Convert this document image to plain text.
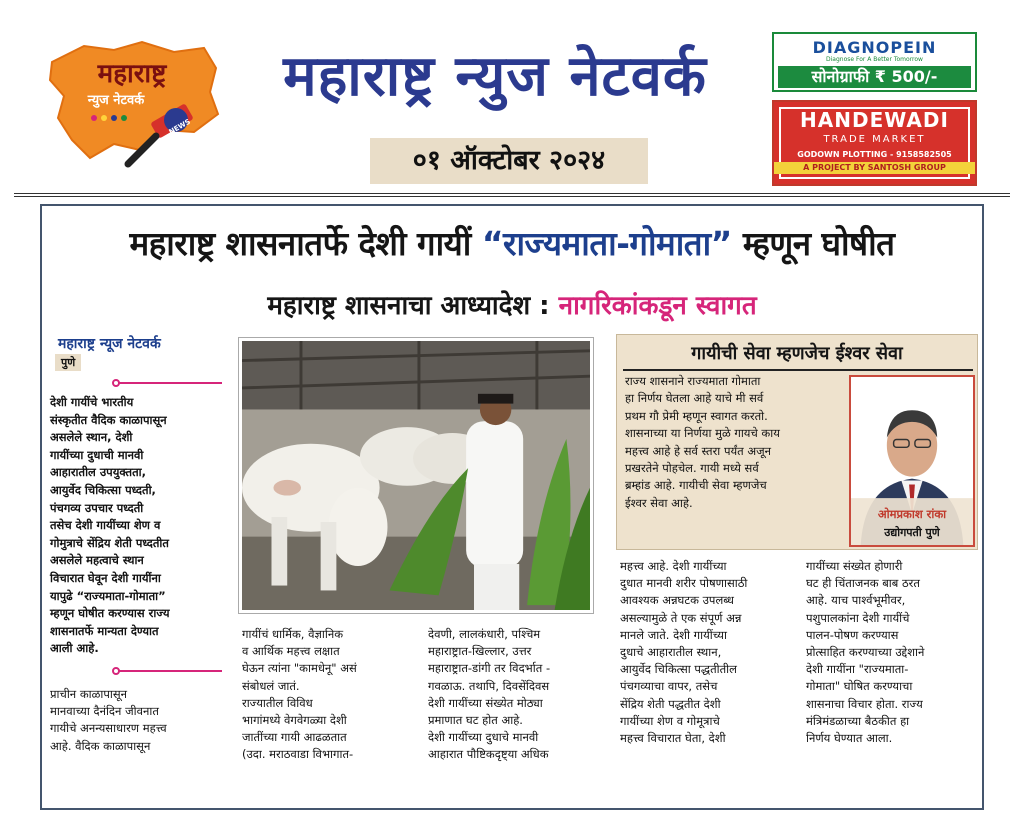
महाराष्ट्र
न्युज नेटवर्क
NEWS
महाराष्ट्र न्युज नेटवर्क
०१ ऑक्टोबर २०२४
DIAGNOPEIN
Diagnose For A Better Tomorrow
सोनोग्राफी ₹ 500/-
HANDEWADI
TRADE MARKET
GODOWN PLOTTING - 9158582505
A PROJECT BY SANTOSH GROUP
महाराष्ट्र शासनातर्फे देशी गायीं “राज्यमाता-गोमाता” म्हणून घोषीत
महाराष्ट्र शासनाचा आध्यादेश : नागरिकांकडून स्वागत
महाराष्ट्र न्यूज नेटवर्क
पुणे
देशी गायींचे भारतीय
संस्कृतीत वैदिक काळापासून
असलेले स्थान, देशी
गायींच्या दुधाची मानवी
आहारातील उपयुक्तता,
आयुर्वेद चिकित्सा पध्दती,
पंचगव्य उपचार पध्दती
तसेच देशी गायींच्या शेण व
गोमुत्राचे सेंद्रिय शेती पध्दतीत
असलेले महत्वाचे स्थान
विचारात घेवून देशी गायींना
यापुढे “राज्यमाता-गोमाता”
म्हणून घोषीत करण्यास राज्य
शासनातर्फे मान्यता देण्यात
आली आहे.
प्राचीन काळापासून
मानवाच्या दैनंदिन जीवनात
गायीचे अनन्यसाधारण महत्त्व
आहे. वैदिक काळापासून
गायींचं धार्मिक, वैज्ञानिक
व आर्थिक महत्त्व लक्षात
घेऊन त्यांना "कामधेनू" असं
संबोधलं जातं.
राज्यातील विविध
भागांमध्ये वेगवेगळ्या देशी
जातींच्या गायी आढळतात
(उदा. मराठवाडा विभागात-
देवणी, लालकंधारी, पश्चिम
महाराष्ट्रात-खिल्लार, उत्तर
महाराष्ट्रात-डांगी तर विदर्भात -
गवळाऊ. तथापि, दिवसेंदिवस
देशी गायींच्या संख्येत मोठ्या
प्रमाणात घट होत आहे.
देशी गायींच्या दुधाचे मानवी
आहारात पौष्टिकदृष्ट्या अधिक
महत्त्व आहे. देशी गायींच्या
दुधात मानवी शरीर पोषणासाठी
आवश्यक अन्नघटक उपलब्ध
असल्यामुळे ते एक संपूर्ण अन्न
मानले जाते. देशी गायींच्या
दुधाचे आहारातील स्थान,
आयुर्वेद चिकित्सा पद्धतीतील
पंचगव्याचा वापर, तसेच
सेंद्रिय शेती पद्धतीत देशी
गायींच्या शेण व गोमूत्राचे
महत्त्व विचारात घेता, देशी
गायींच्या संख्येत होणारी
घट ही चिंताजनक बाब ठरत
आहे. याच पार्श्वभूमीवर,
पशुपालकांना देशी गायींचे
पालन-पोषण करण्यास
प्रोत्साहित करण्याच्या उद्देशाने
देशी गायींना "राज्यमाता-
गोमाता" घोषित करण्याचा
शासनाचा विचार होता. राज्य
मंत्रिमंडळाच्या बैठकीत हा
निर्णय घेण्यात आला.
गायीची सेवा म्हणजेच ईश्वर सेवा
राज्य शासनाने राज्यमाता गोमाता
हा निर्णय घेतला आहे याचे मी सर्व
प्रथम गौ प्रेमी म्हणून स्वागत करतो.
शासनाच्या या निर्णया मुळे गायचे काय
महत्त्व आहे हे सर्व स्तरा पर्यंत अजून
प्रखरतेने पोहचेल. गायी मध्ये सर्व
ब्रम्हांड आहे. गायीची सेवा म्हणजेच
ईश्वर सेवा आहे.
ओमप्रकाश रांका
उद्योगपती पुणे
